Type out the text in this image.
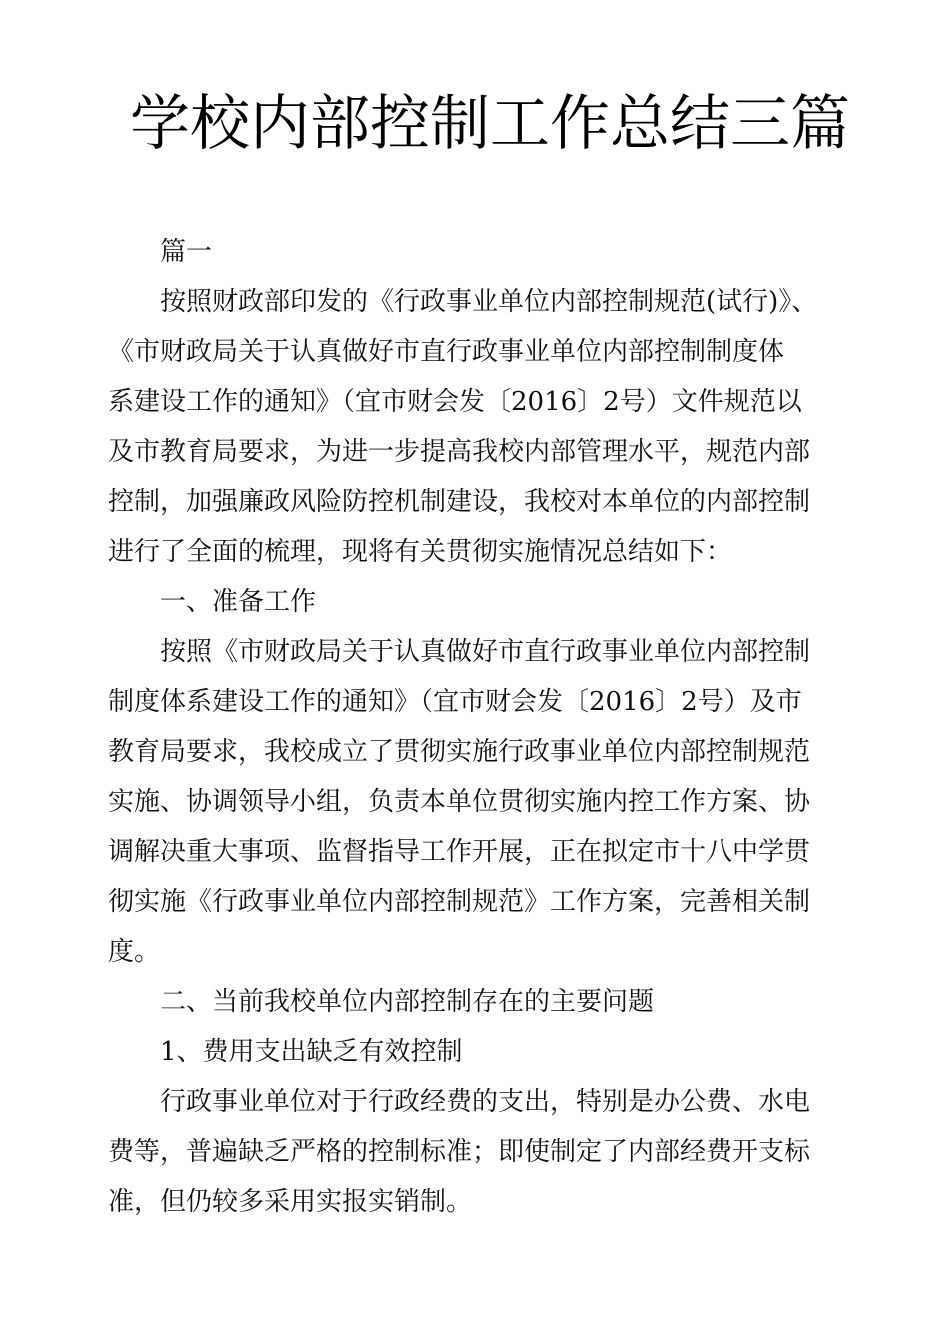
学校内部控制工作总结三篇
篇一
按照财政部印发的《行政事业单位内部控制规范(试行)》、
《市财政局关于认真做好市直行政事业单位内部控制制度体
系建设工作的通知》（宜市财会发〔2016〕2号）文件规范以
及市教育局要求，为进一步提高我校内部管理水平，规范内部
控制，加强廉政风险防控机制建设，我校对本单位的内部控制
进行了全面的梳理，现将有关贯彻实施情况总结如下：
一、准备工作
按照《市财政局关于认真做好市直行政事业单位内部控制
制度体系建设工作的通知》（宜市财会发〔2016〕2号）及市
教育局要求，我校成立了贯彻实施行政事业单位内部控制规范
实施、协调领导小组，负责本单位贯彻实施内控工作方案、协
调解决重大事项、监督指导工作开展，正在拟定市十八中学贯
彻实施《行政事业单位内部控制规范》工作方案，完善相关制
度。
二、当前我校单位内部控制存在的主要问题
1、费用支出缺乏有效控制
行政事业单位对于行政经费的支出，特别是办公费、水电
费等，普遍缺乏严格的控制标准；即使制定了内部经费开支标
准，但仍较多采用实报实销制。
